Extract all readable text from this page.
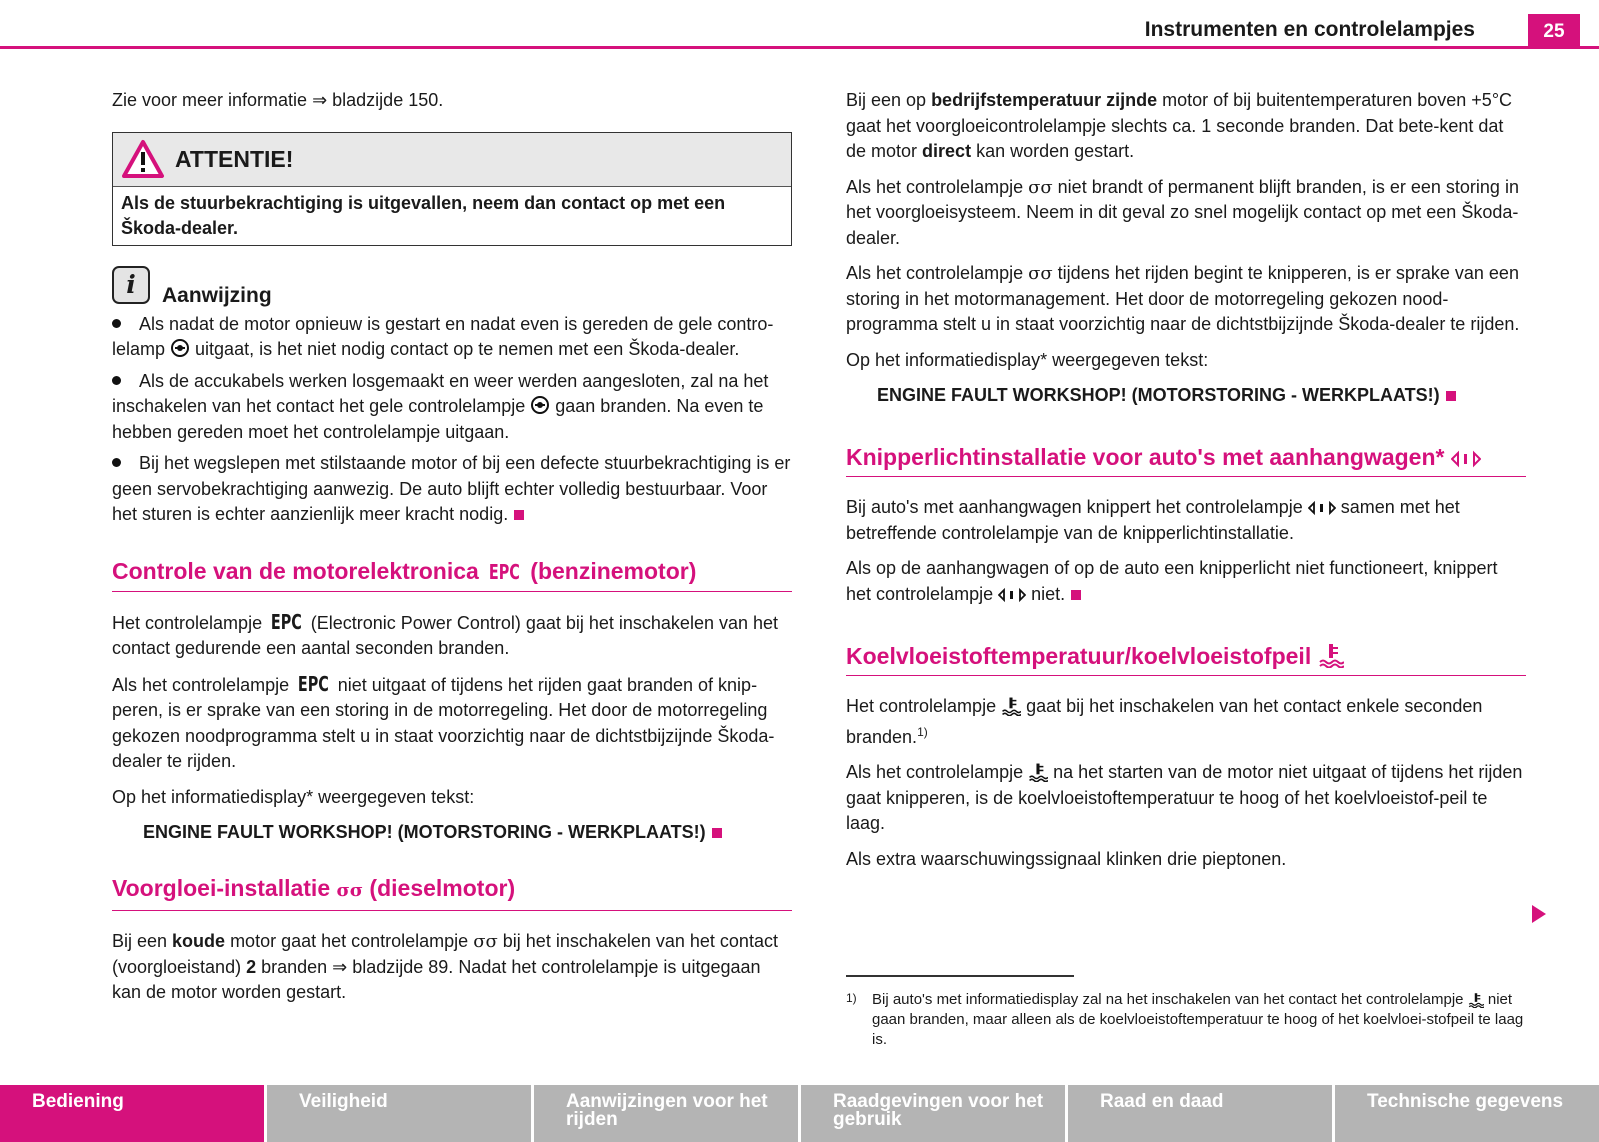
Instrumenten en controlelampjes	25

Zie voor meer informatie ⇒ bladzijde 150.

ATTENTIE!
Als de stuurbekrachtiging is uitgevallen, neem dan contact op met een Škoda-dealer.
i	Aanwijzing
Als nadat de motor opnieuw is gestart en nadat even is gereden de gele contro-lelamp  uitgaat, is het niet nodig contact op te nemen met een Škoda-dealer.
Als de accukabels werken losgemaakt en weer werden aangesloten, zal na het inschakelen van het contact het gele controlelampje  gaan branden. Na even te hebben gereden moet het controlelampje uitgaan.
Bij het wegslepen met stilstaande motor of bij een defecte stuurbekrachtiging is er geen servobekrachtiging aanwezig. De auto blijft echter volledig bestuurbaar. Voor het sturen is echter aanzienlijk meer kracht nodig.
Controle van de motorelektronica EPC (benzinemotor)

Het controlelampje EPC (Electronic Power Control) gaat bij het inschakelen van het contact gedurende een aantal seconden branden.

Als het controlelampje EPC niet uitgaat of tijdens het rijden gaat branden of knip-peren, is er sprake van een storing in de motorregeling. Het door de motorregeling gekozen noodprogramma stelt u in staat voorzichtig naar de dichtstbijzijnde Škoda-dealer te rijden.

Op het informatiedisplay* weergegeven tekst:

ENGINE FAULT WORKSHOP! (MOTORSTORING - WERKPLAATS!)

Voorgloei-installatie σσ (dieselmotor)

Bij een koude motor gaat het controlelampje σσ bij het inschakelen van het contact (voorgloeistand) 2 branden ⇒ bladzijde 89. Nadat het controlelampje is uitgegaan kan de motor worden gestart.

Bij een op bedrijfstemperatuur zijnde motor of bij buitentemperaturen boven +5°C gaat het voorgloeicontrolelampje slechts ca. 1 seconde branden. Dat bete-kent dat de motor direct kan worden gestart.

Als het controlelampje σσ niet brandt of permanent blijft branden, is er een storing in het voorgloeisysteem. Neem in dit geval zo snel mogelijk contact op met een Škoda-dealer.

Als het controlelampje σσ tijdens het rijden begint te knipperen, is er sprake van een storing in het motormanagement. Het door de motorregeling gekozen nood-programma stelt u in staat voorzichtig naar de dichtstbijzijnde Škoda-dealer te rijden.

Op het informatiedisplay* weergegeven tekst:

ENGINE FAULT WORKSHOP! (MOTORSTORING - WERKPLAATS!)

Knipperlichtinstallatie voor auto's met aanhangwagen*

Bij auto's met aanhangwagen knippert het controlelampje  samen met het betreffende controlelampje van de knipperlichtinstallatie.

Als op de aanhangwagen of op de auto een knipperlicht niet functioneert, knippert het controlelampje  niet.

Koelvloeistoftemperatuur/koelvloeistofpeil

Het controlelampje  gaat bij het inschakelen van het contact enkele seconden branden.$^{1)}$

Als het controlelampje  na het starten van de motor niet uitgaat of tijdens het rijden gaat knipperen, is de koelvloeistoftemperatuur te hoog of het koelvloeistof-peil te laag.

Als extra waarschuwingssignaal klinken drie pieptonen.

1)	Bij auto's met informatiedisplay zal na het inschakelen van het contact het controlelampje  niet gaan branden, maar alleen als de koelvloeistoftemperatuur te hoog of het koelvloei-stofpeil te laag is.
Bediening	Veiligheid	Aanwijzingen voor het rijden
Raadgevingen voor het gebruik
Raad en daad	Technische gegevens
